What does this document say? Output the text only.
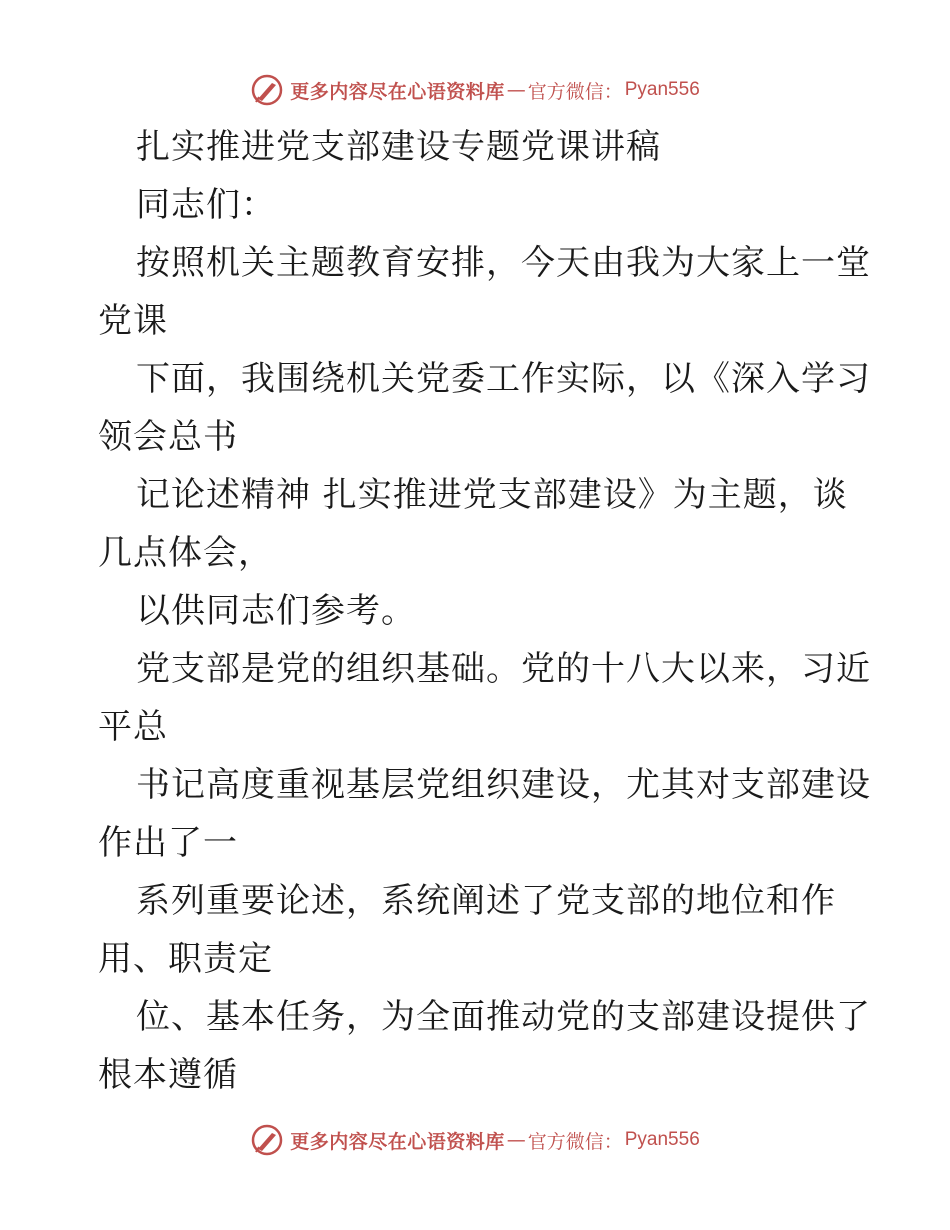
更多内容尽在心语资料库 — 官方微信： Pyan556
扎实推进党支部建设专题党课讲稿
同志们：
按照机关主题教育安排，今天由我为大家上一堂
党课
下面，我围绕机关党委工作实际，以《深入学习
领会总书
记论述精神 扎实推进党支部建设》为主题，谈
几点体会，
以供同志们参考。
党支部是党的组织基础。党的十八大以来，习近
平总
书记高度重视基层党组织建设，尤其对支部建设
作出了一
系列重要论述，系统阐述了党支部的地位和作
用、职责定
位、基本任务，为全面推动党的支部建设提供了
根本遵循
更多内容尽在心语资料库 — 官方微信： Pyan556
